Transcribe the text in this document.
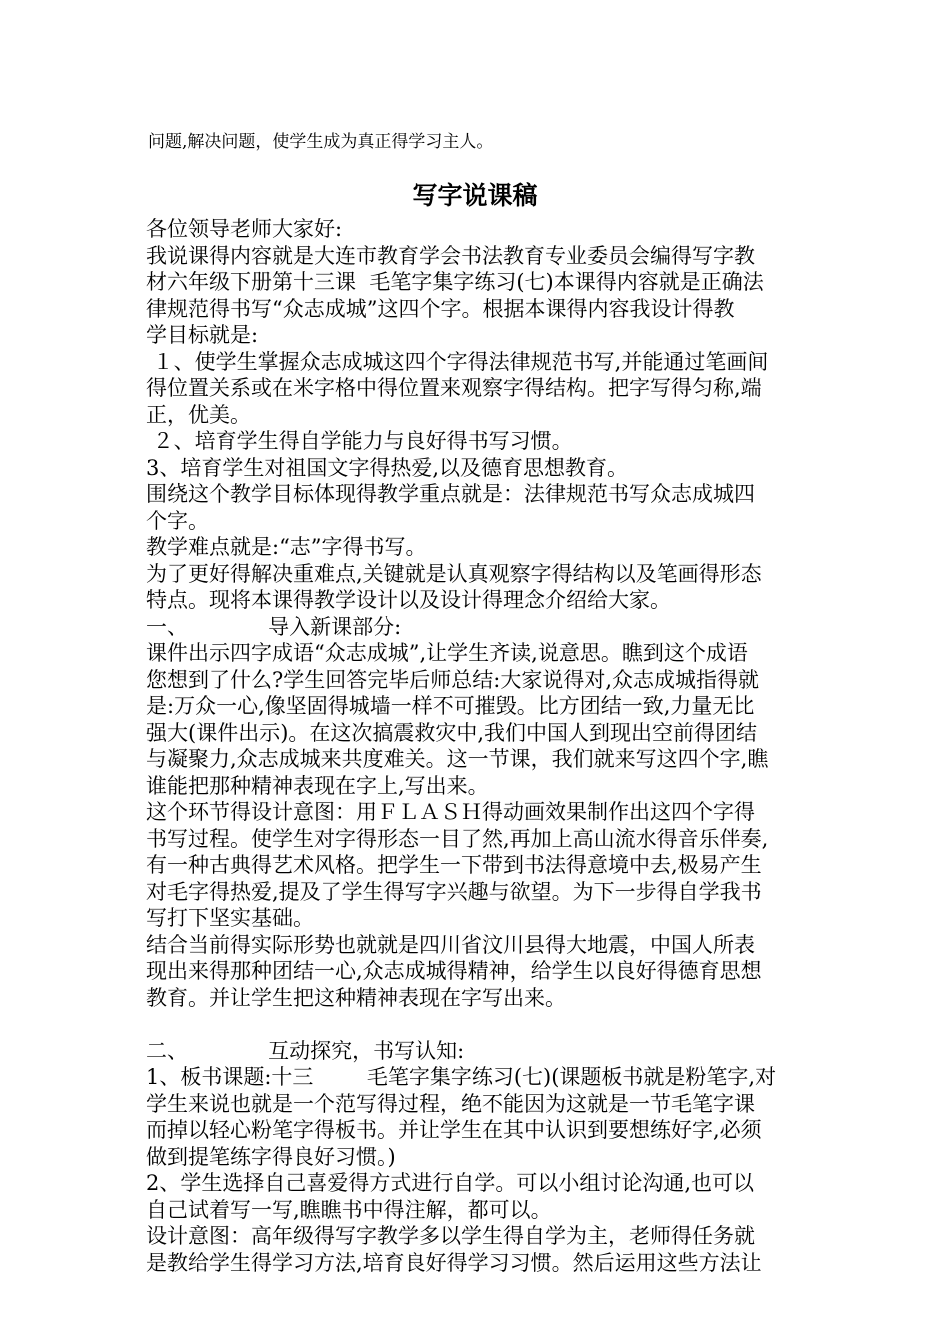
问题,解决问题，使学生成为真正得学习主人。
写字说课稿
各位领导老师大家好:
我说课得内容就是大连市教育学会书法教育专业委员会编得写字教
材六年级下册第十三课  毛笔字集字练习(七)本课得内容就是正确法
律规范得书写“众志成城”这四个字。根据本课得内容我设计得教
学目标就是:
１、使学生掌握众志成城这四个字得法律规范书写,并能通过笔画间
得位置关系或在米字格中得位置来观察字得结构。把字写得匀称,端
正，优美。
２、培育学生得自学能力与良好得书写习惯。
3、培育学生对祖国文字得热爱,以及德育思想教育。
围绕这个教学目标体现得教学重点就是：法律规范书写众志成城四
个字。
教学难点就是:“志”字得书写。
为了更好得解决重难点,关键就是认真观察字得结构以及笔画得形态
特点。现将本课得教学设计以及设计得理念介绍给大家。
一、            导入新课部分:
课件出示四字成语“众志成城”,让学生齐读,说意思。瞧到这个成语
您想到了什么?学生回答完毕后师总结:大家说得对,众志成城指得就
是:万众一心,像坚固得城墙一样不可摧毁。比方团结一致,力量无比
强大(课件出示)。在这次搞震救灾中,我们中国人到现出空前得团结
与凝聚力,众志成城来共度难关。这一节课，我们就来写这四个字,瞧
谁能把那种精神表现在字上,写出来。
这个环节得设计意图：用ＦＬＡＳＨ得动画效果制作出这四个字得
书写过程。使学生对字得形态一目了然,再加上高山流水得音乐伴奏,
有一种古典得艺术风格。把学生一下带到书法得意境中去,极易产生
对毛字得热爱,提及了学生得写字兴趣与欲望。为下一步得自学我书
写打下坚实基础。
结合当前得实际形势也就就是四川省汶川县得大地震，中国人所表
现出来得那种团结一心,众志成城得精神，给学生以良好得德育思想
教育。并让学生把这种精神表现在字写出来。
二、            互动探究，书写认知:
1、板书课题:十三        毛笔字集字练习(七)(课题板书就是粉笔字,对
学生来说也就是一个范写得过程，绝不能因为这就是一节毛笔字课
而掉以轻心粉笔字得板书。并让学生在其中认识到要想练好字,必须
做到提笔练字得良好习惯。)
2、学生选择自己喜爱得方式进行自学。可以小组讨论沟通,也可以
自己试着写一写,瞧瞧书中得注解，都可以。
设计意图：高年级得写字教学多以学生得自学为主，老师得任务就
是教给学生得学习方法,培育良好得学习习惯。然后运用这些方法让
